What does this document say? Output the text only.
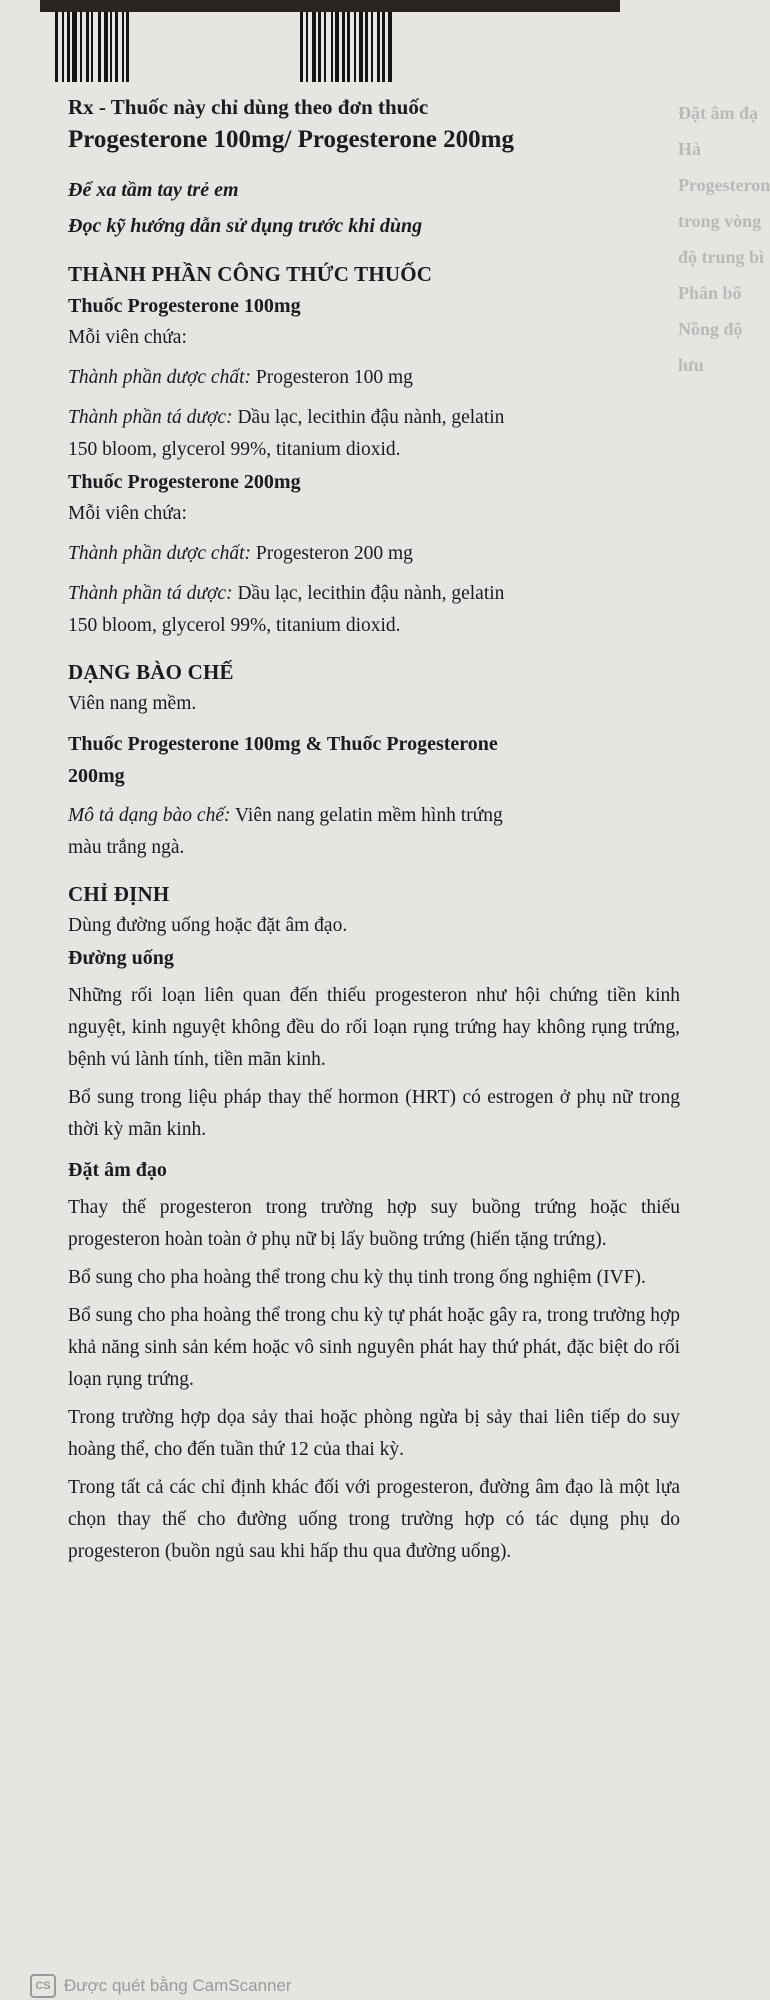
Đặt âm đạ
Hà
Progesteron
trong vòng
độ trung bì
Phân bố
Nồng độ
lưu

Rx - Thuốc này chỉ dùng theo đơn thuốc

Progesterone 100mg/ Progesterone 200mg

Để xa tầm tay trẻ em

Đọc kỹ hướng dẫn sử dụng trước khi dùng

THÀNH PHẦN CÔNG THỨC THUỐC

Thuốc Progesterone 100mg

Mỗi viên chứa:

Thành phần dược chất: Progesteron 100 mg

Thành phần tá dược: Dầu lạc, lecithin đậu nành, gelatin

150 bloom, glycerol 99%, titanium dioxid.

Thuốc Progesterone 200mg

Mỗi viên chứa:

Thành phần dược chất: Progesteron 200 mg

Thành phần tá dược: Dầu lạc, lecithin đậu nành, gelatin

150 bloom, glycerol 99%, titanium dioxid.

DẠNG BÀO CHẾ

Viên nang mềm.

Thuốc Progesterone 100mg & Thuốc Progesterone

200mg

Mô tả dạng bào chế: Viên nang gelatin mềm hình trứng

màu trắng ngà.

CHỈ ĐỊNH

Dùng đường uống hoặc đặt âm đạo.

Đường uống

Những rối loạn liên quan đến thiếu progesteron như hội chứng tiền kinh nguyệt, kinh nguyệt không đều do rối loạn rụng trứng hay không rụng trứng, bệnh vú lành tính, tiền mãn kinh.

Bổ sung trong liệu pháp thay thế hormon (HRT) có estrogen ở phụ nữ trong thời kỳ mãn kinh.

Đặt âm đạo

Thay thế progesteron trong trường hợp suy buồng trứng hoặc thiếu progesteron hoàn toàn ở phụ nữ bị lấy buồng trứng (hiến tặng trứng).

Bổ sung cho pha hoàng thể trong chu kỳ thụ tinh trong ống nghiệm (IVF).

Bổ sung cho pha hoàng thể trong chu kỳ tự phát hoặc gây ra, trong trường hợp khả năng sinh sản kém hoặc vô sinh nguyên phát hay thứ phát, đặc biệt do rối loạn rụng trứng.

Trong trường hợp dọa sảy thai hoặc phòng ngừa bị sảy thai liên tiếp do suy hoàng thể, cho đến tuần thứ 12 của thai kỳ.

Trong tất cả các chỉ định khác đối với progesteron, đường âm đạo là một lựa chọn thay thế cho đường uống trong trường hợp có tác dụng phụ do progesteron (buồn ngủ sau khi hấp thu qua đường uống).

CS Được quét bằng CamScanner
